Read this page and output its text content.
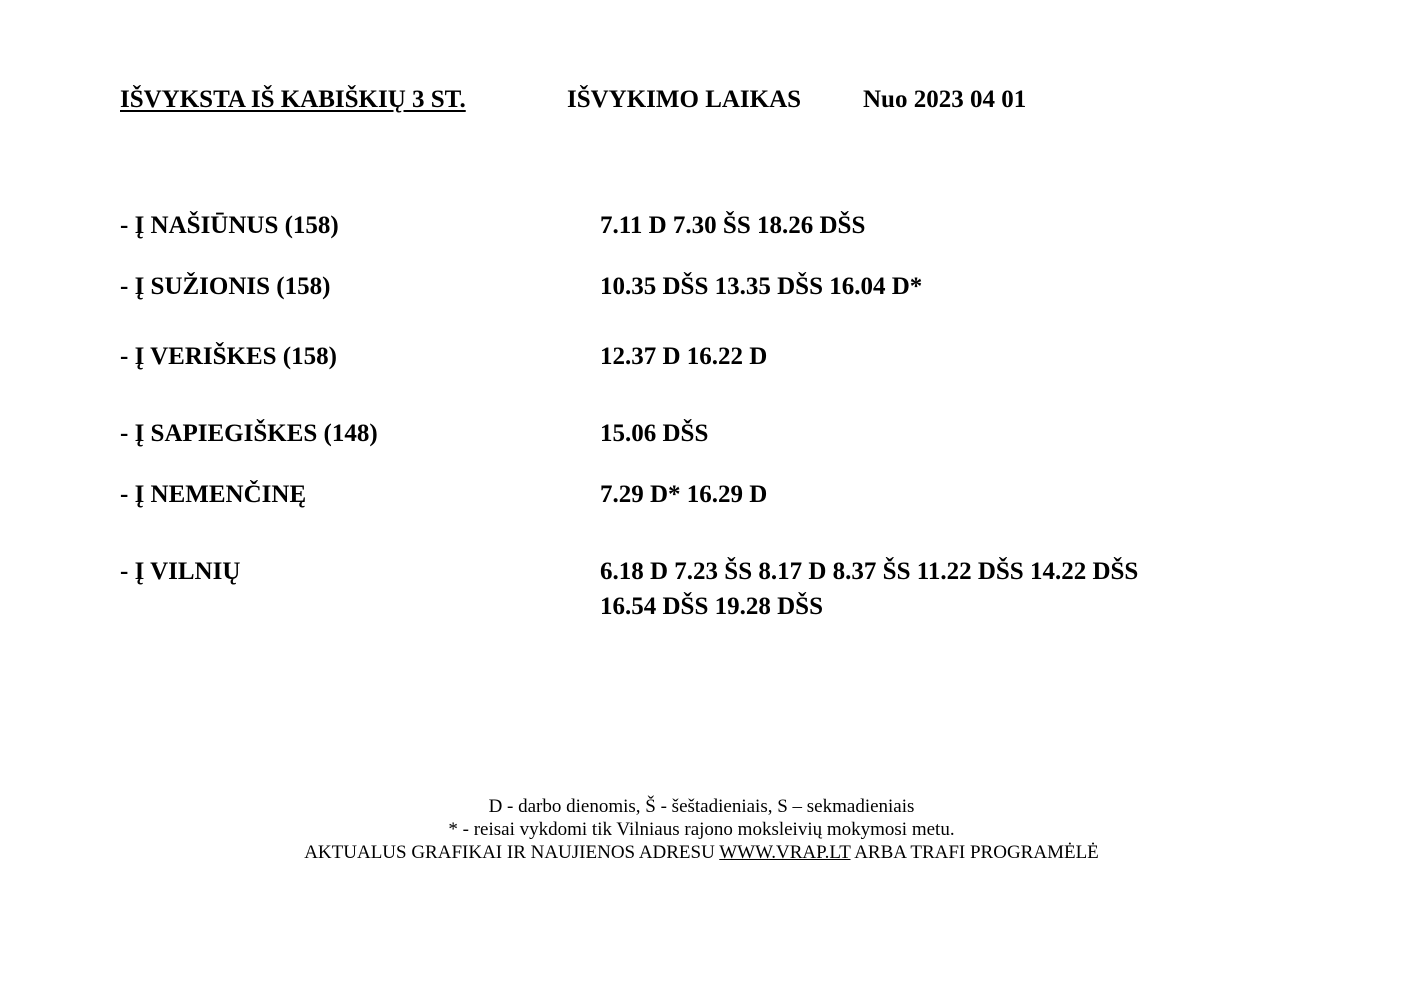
IŠVYKSTA IŠ KABIŠKIŲ 3 ST.	IŠVYKIMO LAIKAS Nuo 2023 04 01
- Į NAŠIŪNUS (158)	7.11 D 7.30 ŠS 18.26 DŠS
- Į SUŽIONIS (158)	10.35 DŠS 13.35 DŠS 16.04 D*
- Į VERIŠKES (158)	12.37 D 16.22 D
- Į SAPIEGIŠKES (148)	15.06 DŠS
- Į NEMENČINĘ	7.29 D* 16.29 D
- Į VILNIŲ	6.18 D 7.23 ŠS 8.17 D 8.37 ŠS 11.22 DŠS 14.22 DŠS 16.54 DŠS 19.28 DŠS
D - darbo dienomis, Š - šeštadieniais, S – sekmadieniais
* - reisai vykdomi tik Vilniaus rajono moksleivių mokymosi metu.
AKTUALUS GRAFIKAI IR NAUJIENOS ADRESU WWW.VRAP.LT ARBA TRAFI PROGRAMĖLĖ
